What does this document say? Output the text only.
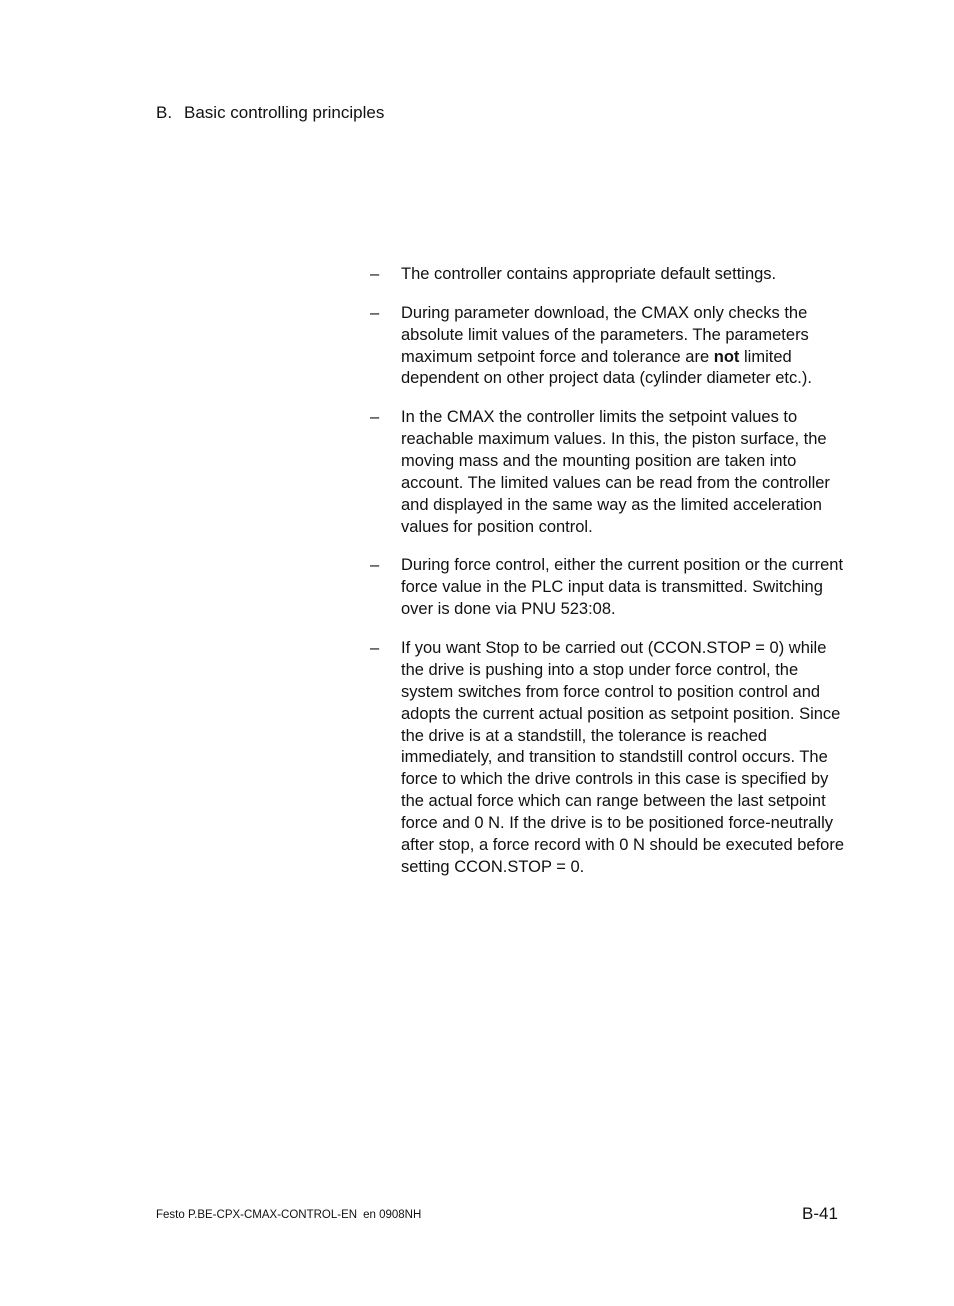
B. Basic controlling principles
– The controller contains appropriate default settings.
– During parameter download, the CMAX only checks the absolute limit values of the parameters. The parameters maximum setpoint force and tolerance are not limited dependent on other project data (cylinder diameter etc.).
– In the CMAX the controller limits the setpoint values to reachable maximum values. In this, the piston surface, the moving mass and the mounting position are taken into account. The limited values can be read from the controller and displayed in the same way as the limited acceleration values for position control.
– During force control, either the current position or the current force value in the PLC input data is transmitted. Switching over is done via PNU 523:08.
– If you want Stop to be carried out (CCON.STOP = 0) while the drive is pushing into a stop under force control, the system switches from force control to position control and adopts the current actual position as setpoint position. Since the drive is at a standstill, the tolerance is reached immediately, and transition to standstill control occurs. The force to which the drive controls in this case is specified by the actual force which can range between the last setpoint force and 0 N. If the drive is to be positioned force-neutrally after stop, a force record with 0 N should be executed before setting CCON.STOP = 0.
Festo P.BE-CPX-CMAX-CONTROL-EN en 0908NH	B-41
